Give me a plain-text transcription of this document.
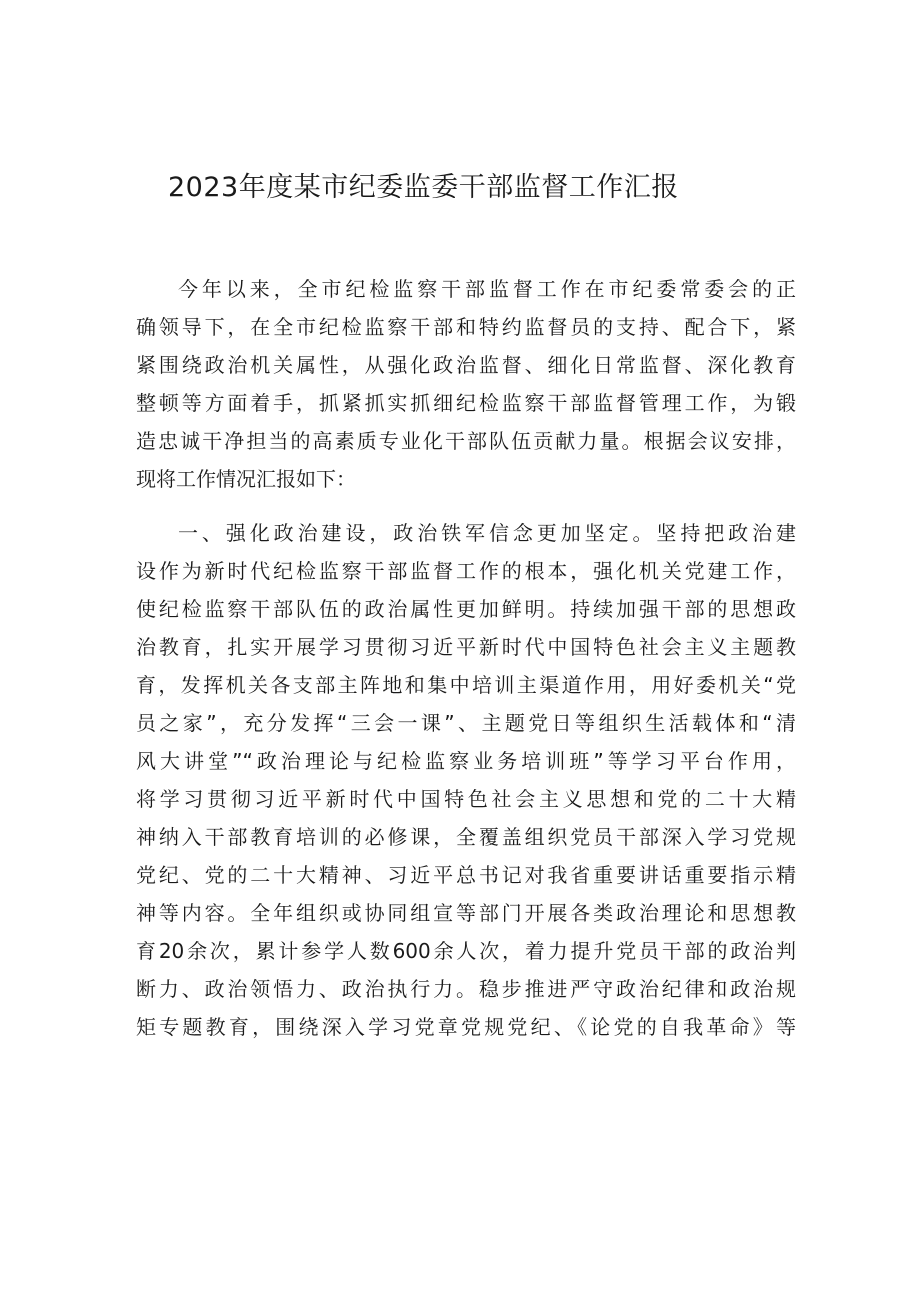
2023年度某市纪委监委干部监督工作汇报
今年以来，全市纪检监察干部监督工作在市纪委常委会的正
确领导下，在全市纪检监察干部和特约监督员的支持、配合下，紧
紧围绕政治机关属性，从强化政治监督、细化日常监督、深化教育
整顿等方面着手，抓紧抓实抓细纪检监察干部监督管理工作，为锻
造忠诚干净担当的高素质专业化干部队伍贡献力量。根据会议安排，
现将工作情况汇报如下：
一、强化政治建设，政治铁军信念更加坚定。坚持把政治建
设作为新时代纪检监察干部监督工作的根本，强化机关党建工作，
使纪检监察干部队伍的政治属性更加鲜明。持续加强干部的思想政
治教育，扎实开展学习贯彻习近平新时代中国特色社会主义主题教
育，发挥机关各支部主阵地和集中培训主渠道作用，用好委机关“党
员之家”，充分发挥“三会一课”、主题党日等组织生活载体和“清
风大讲堂”“政治理论与纪检监察业务培训班”等学习平台作用，
将学习贯彻习近平新时代中国特色社会主义思想和党的二十大精
神纳入干部教育培训的必修课，全覆盖组织党员干部深入学习党规
党纪、党的二十大精神、习近平总书记对我省重要讲话重要指示精
神等内容。全年组织或协同组宣等部门开展各类政治理论和思想教
育20余次，累计参学人数600余人次，着力提升党员干部的政治判
断力、政治领悟力、政治执行力。稳步推进严守政治纪律和政治规
矩专题教育，围绕深入学习党章党规党纪、《论党的自我革命》等
